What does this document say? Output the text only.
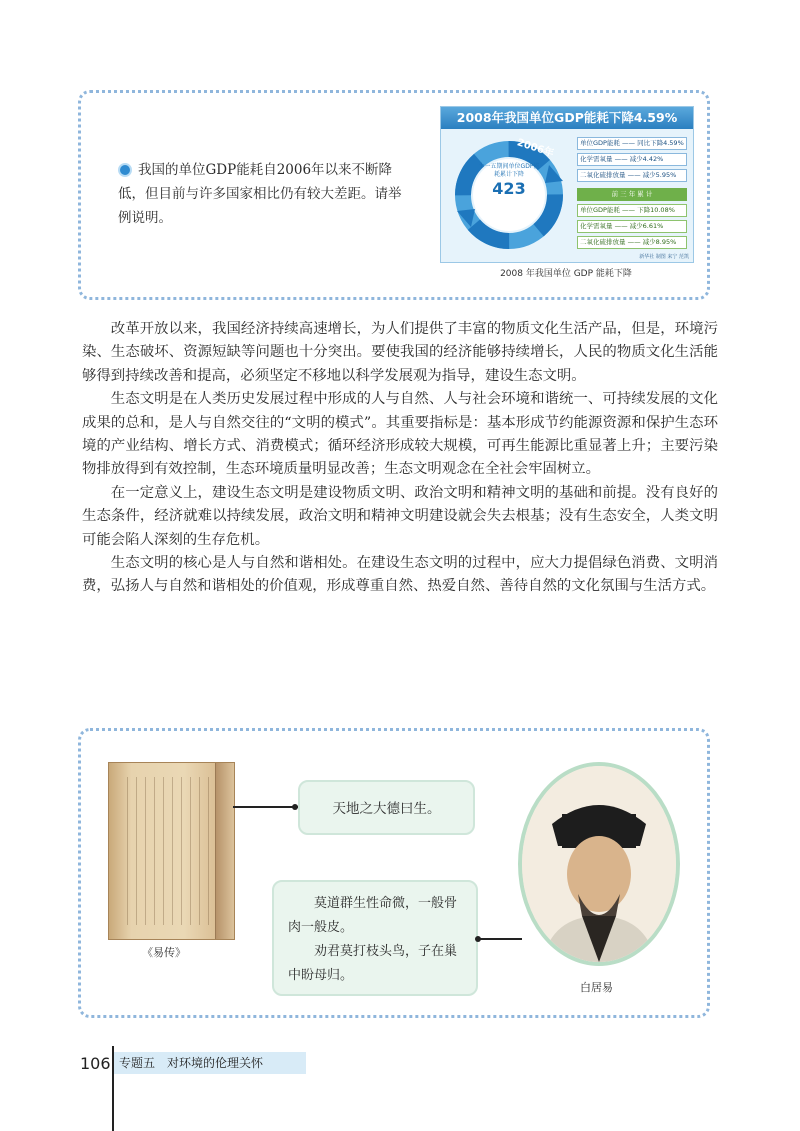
我国的单位GDP能耗自2006年以来不断降低，但目前与许多国家相比仍有较大差距。请举例说明。
2008年我国单位GDP能耗下降4.59%
2006年
十一五期间单位GDP能耗累计下降
423
单位GDP能耗 —— 同比下降4.59%
化学需氧量 —— 减少4.42%
二氧化硫排放量 —— 减少5.95%
前 三 年 累 计
单位GDP能耗 —— 下降10.08%
化学需氧量 —— 减少6.61%
二氧化硫排放量 —— 减少8.95%
新华社 制图 来宁 范凯
2008 年我国单位 GDP 能耗下降

改革开放以来，我国经济持续高速增长，为人们提供了丰富的物质文化生活产品，但是，环境污染、生态破坏、资源短缺等问题也十分突出。要使我国的经济能够持续增长，人民的物质文化生活能够得到持续改善和提高，必须坚定不移地以科学发展观为指导，建设生态文明。

生态文明是在人类历史发展过程中形成的人与自然、人与社会环境和谐统一、可持续发展的文化成果的总和，是人与自然交往的“文明的模式”。其重要指标是：基本形成节约能源资源和保护生态环境的产业结构、增长方式、消费模式；循环经济形成较大规模，可再生能源比重显著上升；主要污染物排放得到有效控制，生态环境质量明显改善；生态文明观念在全社会牢固树立。

在一定意义上，建设生态文明是建设物质文明、政治文明和精神文明的基础和前提。没有良好的生态条件，经济就难以持续发展，政治文明和精神文明建设就会失去根基；没有生态安全，人类文明可能会陷人深刻的生存危机。

生态文明的核心是人与自然和谐相处。在建设生态文明的过程中，应大力提倡绿色消费、文明消费，弘扬人与自然和谐相处的价值观，形成尊重自然、热爱自然、善待自然的文化氛围与生活方式。

《易传》
天地之大德曰生。

莫道群生性命微，一般骨肉一般皮。

劝君莫打枝头鸟，子在巢中盼母归。

白居易
106 专题五　对环境的伦理关怀
